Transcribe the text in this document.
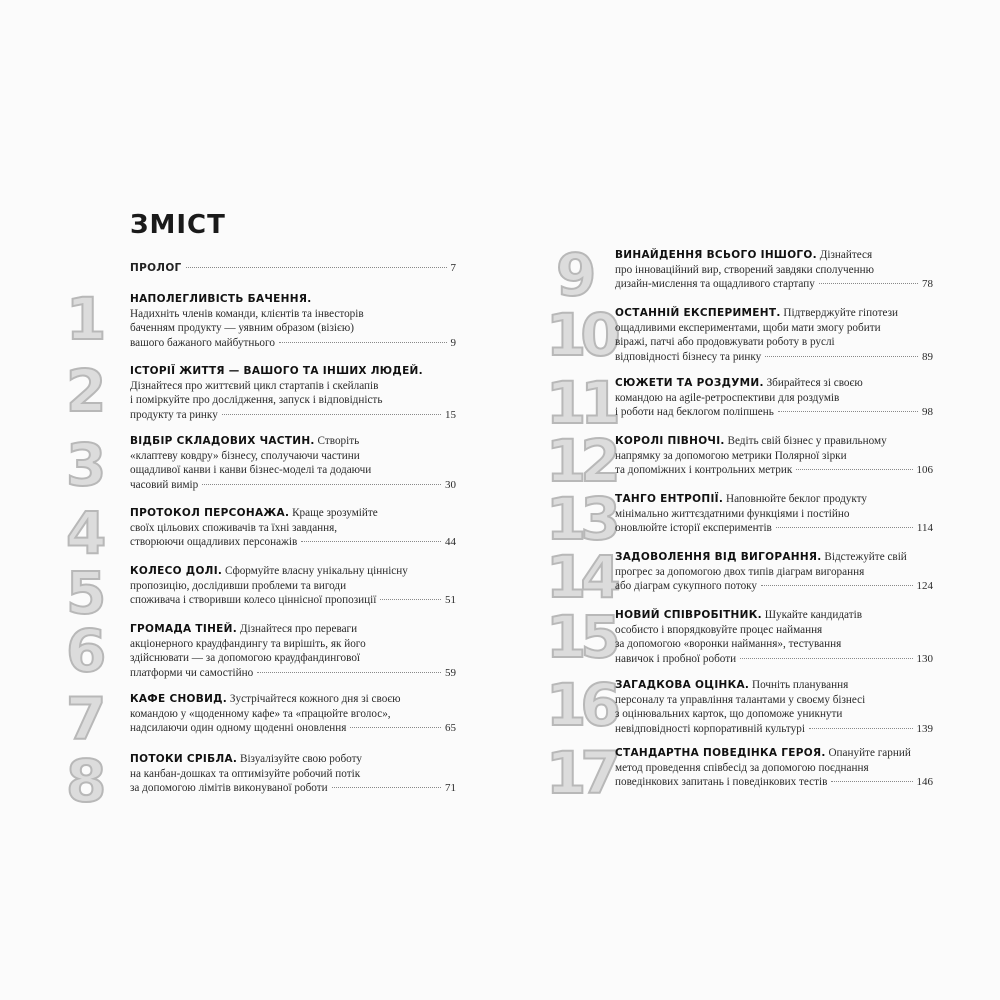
ЗМІСТ
ПРОЛОГ	7
1	НАПОЛЕГЛИВІСТЬ БАЧЕННЯ.
Надихніть членів команди, клієнтів та інвесторів
баченням продукту — уявним образом (візією)
вашого бажаного майбутнього	9
2	ІСТОРІЇ ЖИТТЯ — ВАШОГО ТА ІНШИХ ЛЮДЕЙ.
Дізнайтеся про життєвий цикл стартапів і скейлапів
і поміркуйте про дослідження, запуск і відповідність
продукту та ринку	15
3	ВІДБІР СКЛАДОВИХ ЧАСТИН. Створіть
«клаптеву ковдру» бізнесу, сполучаючи частини
ощадливої канви і канви бізнес-моделі та додаючи
часовий вимір	30
4	ПРОТОКОЛ ПЕРСОНАЖА. Краще зрозумійте
своїх цільових споживачів та їхні завдання,
створюючи ощадливих персонажів	44
5	КОЛЕСО ДОЛІ. Сформуйте власну унікальну ціннісну
пропозицію, дослідивши проблеми та вигоди
споживача і створивши колесо ціннісної пропозиції	51
6	ГРОМАДА ТІНЕЙ. Дізнайтеся про переваги
акціонерного краудфандингу та вирішіть, як його
здійснювати — за допомогою краудфандингової
платформи чи самостійно	59
7	КАФЕ СНОВИД. Зустрічайтеся кожного дня зі своєю
командою у «щоденному кафе» та «працюйте вголос»,
надсилаючи один одному щоденні оновлення	65
8	ПОТОКИ СРІБЛА. Візуалізуйте свою роботу
на канбан-дошках та оптимізуйте робочий потік
за допомогою лімітів виконуваної роботи	71
9 ВИНАЙДЕННЯ ВСЬОГО ІНШОГО. Дізнайтеся
про інноваційний вир, створений завдяки сполученню
дизайн-мислення та ощадливого стартапу	78
10 ОСТАННІЙ ЕКСПЕРИМЕНТ. Підтверджуйте гіпотези
ощадливими експериментами, щоби мати змогу робити
віражі, патчі або продовжувати роботу в руслі
відповідності бізнесу та ринку	89
11 СЮЖЕТИ ТА РОЗДУМИ. Збирайтеся зі своєю
командою на agile-ретроспективи для роздумів
і роботи над беклогом поліпшень	98
12 КОРОЛІ ПІВНОЧІ. Ведіть свій бізнес у правильному
напрямку за допомогою метрики Полярної зірки
та допоміжних і контрольних метрик	106
13 ТАНГО ЕНТРОПІЇ. Наповнюйте беклог продукту
мінімально життєздатними функціями і постійно
оновлюйте історії експериментів	114
14 ЗАДОВОЛЕННЯ ВІД ВИГОРАННЯ. Відстежуйте свій
прогрес за допомогою двох типів діаграм вигорання
або діаграм сукупного потоку	124
15 НОВИЙ СПІВРОБІТНИК. Шукайте кандидатів
особисто і впорядковуйте процес наймання
за допомогою «воронки наймання», тестування
навичок і пробної роботи	130
16 ЗАГАДКОВА ОЦІНКА. Почніть планування
персоналу та управління талантами у своєму бізнесі
з оцінювальних карток, що допоможе уникнути
невідповідності корпоративній культурі	139
17 СТАНДАРТНА ПОВЕДІНКА ГЕРОЯ. Опануйте гарний
метод проведення співбесід за допомогою поєднання
поведінкових запитань і поведінкових тестів	146
